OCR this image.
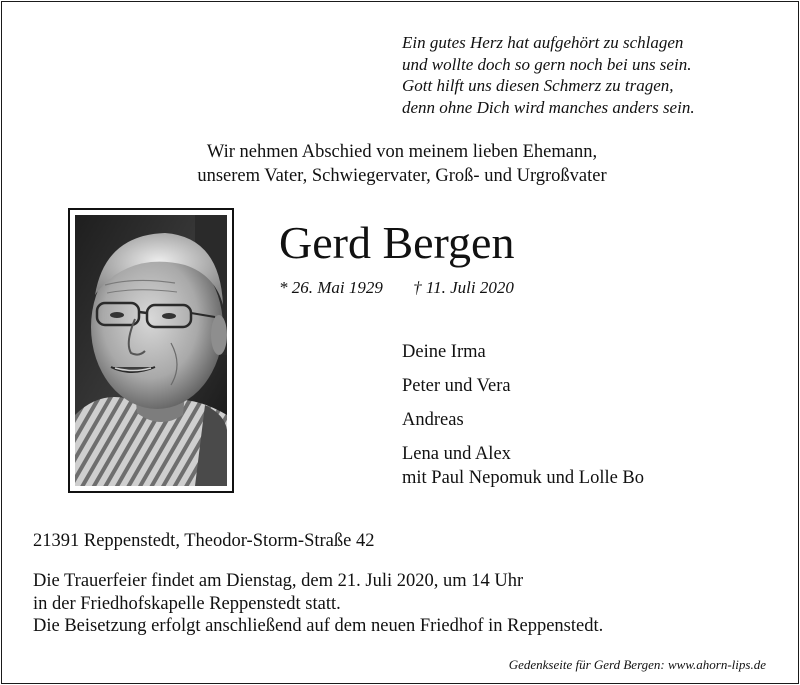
Ein gutes Herz hat aufgehört zu schlagen
und wollte doch so gern noch bei uns sein.
Gott hilft uns diesen Schmerz zu tragen,
denn ohne Dich wird manches anders sein.
Wir nehmen Abschied von meinem lieben Ehemann,
unserem Vater, Schwiegervater, Groß- und Urgroßvater
Gerd Bergen
* 26. Mai 1929 † 11. Juli 2020
Deine Irma
Peter und Vera
Andreas
Lena und Alex
mit Paul Nepomuk und Lolle Bo
21391 Reppenstedt, Theodor-Storm-Straße 42
Die Trauerfeier findet am Dienstag, dem 21. Juli 2020, um 14 Uhr
in der Friedhofskapelle Reppenstedt statt.
Die Beisetzung erfolgt anschließend auf dem neuen Friedhof in Reppenstedt.
Gedenkseite für Gerd Bergen: www.ahorn-lips.de
